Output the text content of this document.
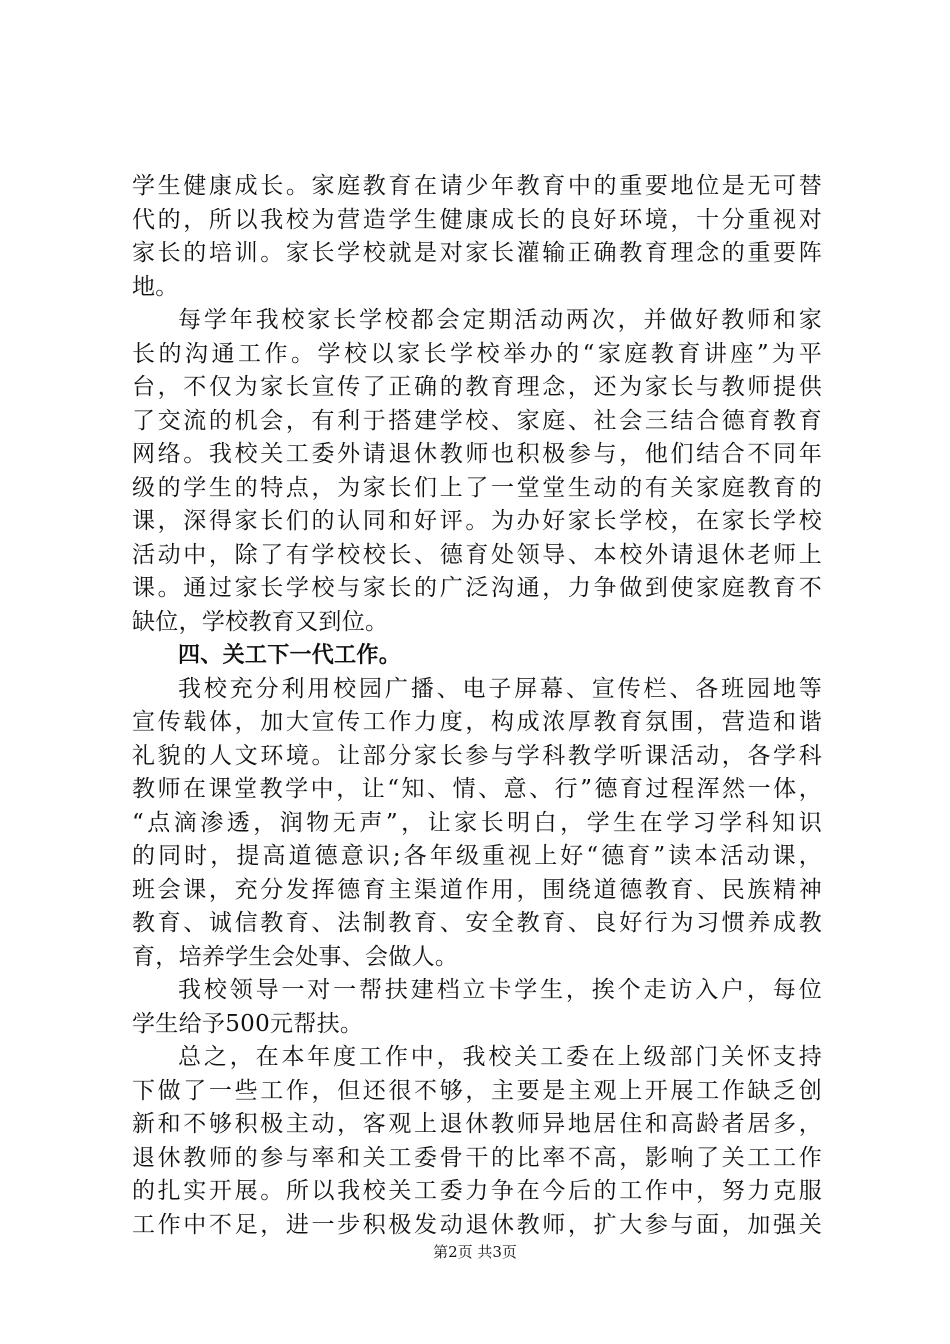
学生健康成长。家庭教育在请少年教育中的重要地位是无可替
代的，所以我校为营造学生健康成长的良好环境，十分重视对
家长的培训。家长学校就是对家长灌输正确教育理念的重要阵
地。
每学年我校家长学校都会定期活动两次，并做好教师和家
长的沟通工作。学校以家长学校举办的“家庭教育讲座”为平
台，不仅为家长宣传了正确的教育理念，还为家长与教师提供
了交流的机会，有利于搭建学校、家庭、社会三结合德育教育
网络。我校关工委外请退休教师也积极参与，他们结合不同年
级的学生的特点，为家长们上了一堂堂生动的有关家庭教育的
课，深得家长们的认同和好评。为办好家长学校，在家长学校
活动中，除了有学校校长、德育处领导、本校外请退休老师上
课。通过家长学校与家长的广泛沟通，力争做到使家庭教育不
缺位，学校教育又到位。
四、关工下一代工作。
我校充分利用校园广播、电子屏幕、宣传栏、各班园地等
宣传载体，加大宣传工作力度，构成浓厚教育氛围，营造和谐
礼貌的人文环境。让部分家长参与学科教学听课活动，各学科
教师在课堂教学中，让“知、情、意、行”德育过程浑然一体，
“点滴渗透，润物无声”，让家长明白，学生在学习学科知识
的同时，提高道德意识;各年级重视上好“德育”读本活动课，
班会课，充分发挥德育主渠道作用，围绕道德教育、民族精神
教育、诚信教育、法制教育、安全教育、良好行为习惯养成教
育，培养学生会处事、会做人。
我校领导一对一帮扶建档立卡学生，挨个走访入户，每位
学生给予500元帮扶。
总之，在本年度工作中，我校关工委在上级部门关怀支持
下做了一些工作，但还很不够，主要是主观上开展工作缺乏创
新和不够积极主动，客观上退休教师异地居住和高龄者居多，
退休教师的参与率和关工委骨干的比率不高，影响了关工工作
的扎实开展。所以我校关工委力争在今后的工作中，努力克服
工作中不足，进一步积极发动退休教师，扩大参与面，加强关
第2页 共3页
